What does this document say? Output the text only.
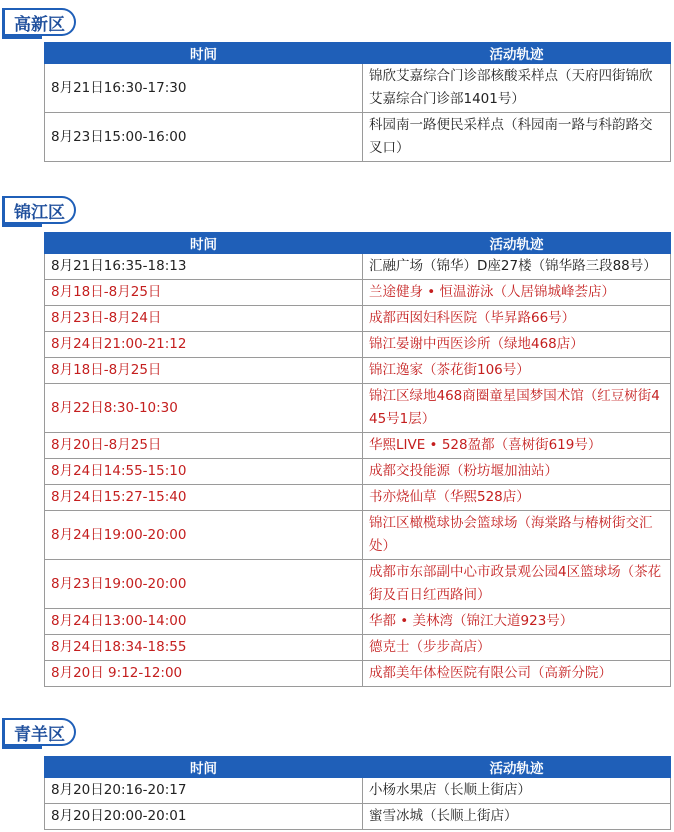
高新区
时间	活动轨迹
8月21日16:30-17:30	锦欣艾嘉综合门诊部核酸采样点（天府四街锦欣艾嘉综合门诊部1401号）
8月23日15:00-16:00	科园南一路便民采样点（科园南一路与科韵路交叉口）
锦江区
时间	活动轨迹
8月21日16:35-18:13	汇融广场（锦华）D座27楼（锦华路三段88号）
8月18日-8月25日	兰途健身 • 恒温游泳（人居锦城峰荟店）
8月23日-8月24日	成都西囡妇科医院（毕昇路66号）
8月24日21:00-21:12	锦江晏谢中西医诊所（绿地468店）
8月18日-8月25日	锦江逸家（茶花街106号）
8月22日8:30-10:30	锦江区绿地468商圈童星国梦国术馆（红豆树街445号1层）
8月20日-8月25日	华熙LIVE • 528盈都（喜树街619号）
8月24日14:55-15:10	成都交投能源（粉坊堰加油站）
8月24日15:27-15:40	书亦烧仙草（华熙528店）
8月24日19:00-20:00	锦江区橄榄球协会篮球场（海棠路与椿树街交汇处）
8月23日19:00-20:00	成都市东部副中心市政景观公园4区篮球场（茶花街及百日红西路间）
8月24日13:00-14:00	华都 • 美林湾（锦江大道923号）
8月24日18:34-18:55	德克士（步步高店）
8月20日 9:12-12:00	成都美年体检医院有限公司（高新分院）
青羊区
时间	活动轨迹
8月20日20:16-20:17	小杨水果店（长顺上街店）
8月20日20:00-20:01	蜜雪冰城（长顺上街店）
